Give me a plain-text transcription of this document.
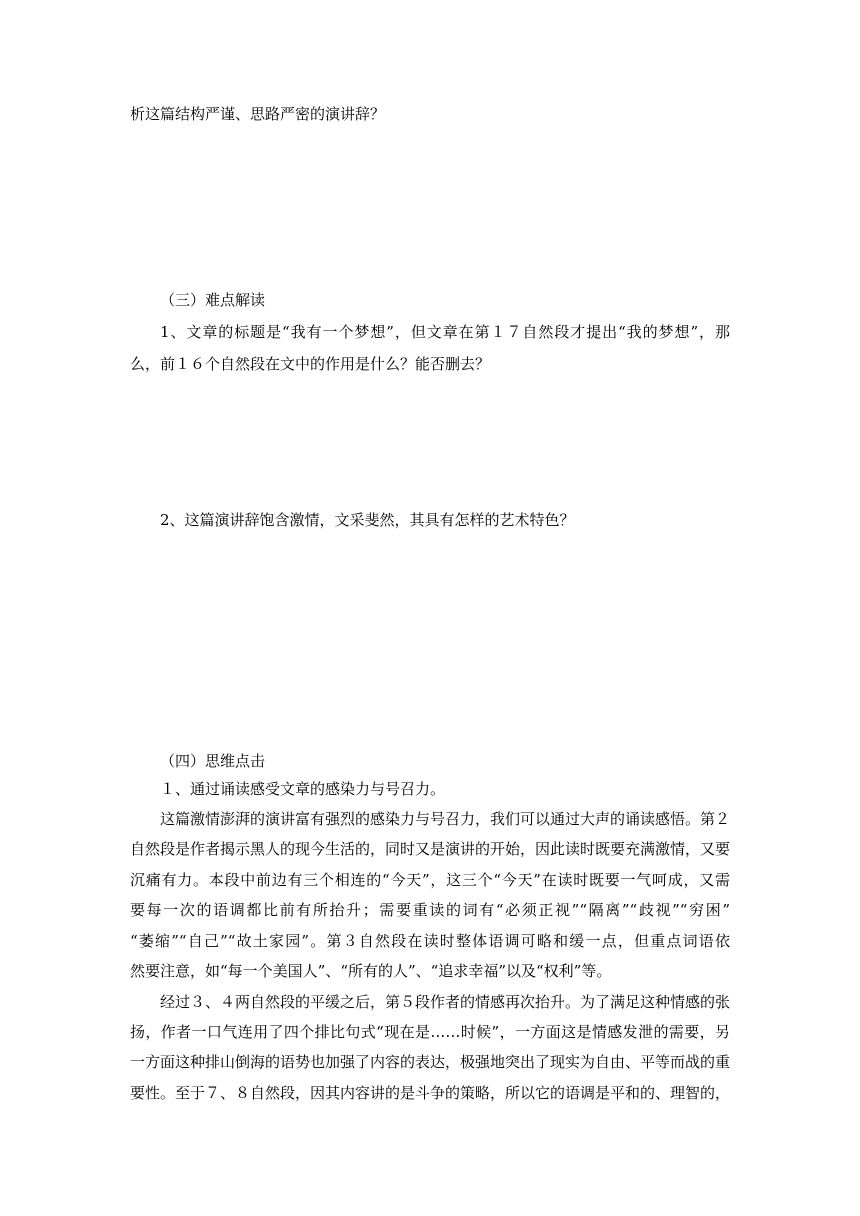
析这篇结构严谨、思路严密的演讲辞？
（三）难点解读
1、文章的标题是“我有一个梦想”，但文章在第１７自然段才提出“我的梦想”，那
么，前１６个自然段在文中的作用是什么？能否删去？
2、这篇演讲辞饱含激情，文采斐然，其具有怎样的艺术特色？
（四）思维点击
１、通过诵读感受文章的感染力与号召力。
这篇激情澎湃的演讲富有强烈的感染力与号召力，我们可以通过大声的诵读感悟。第２
自然段是作者揭示黑人的现今生活的，同时又是演讲的开始，因此读时既要充满激情，又要
沉痛有力。本段中前边有三个相连的“今天”，这三个“今天”在读时既要一气呵成，又需
要每一次的语调都比前有所抬升；需要重读的词有“必须正视”“隔离”“歧视”“穷困”
“萎缩”“自己”“故土家园”。第３自然段在读时整体语调可略和缓一点，但重点词语依
然要注意，如“每一个美国人”、“所有的人”、“追求幸福”以及“权利”等。
经过３、４两自然段的平缓之后，第５段作者的情感再次抬升。为了满足这种情感的张
扬，作者一口气连用了四个排比句式“现在是……时候”，一方面这是情感发泄的需要，另
一方面这种排山倒海的语势也加强了内容的表达，极强地突出了现实为自由、平等而战的重
要性。至于７、８自然段，因其内容讲的是斗争的策略，所以它的语调是平和的、理智的，
